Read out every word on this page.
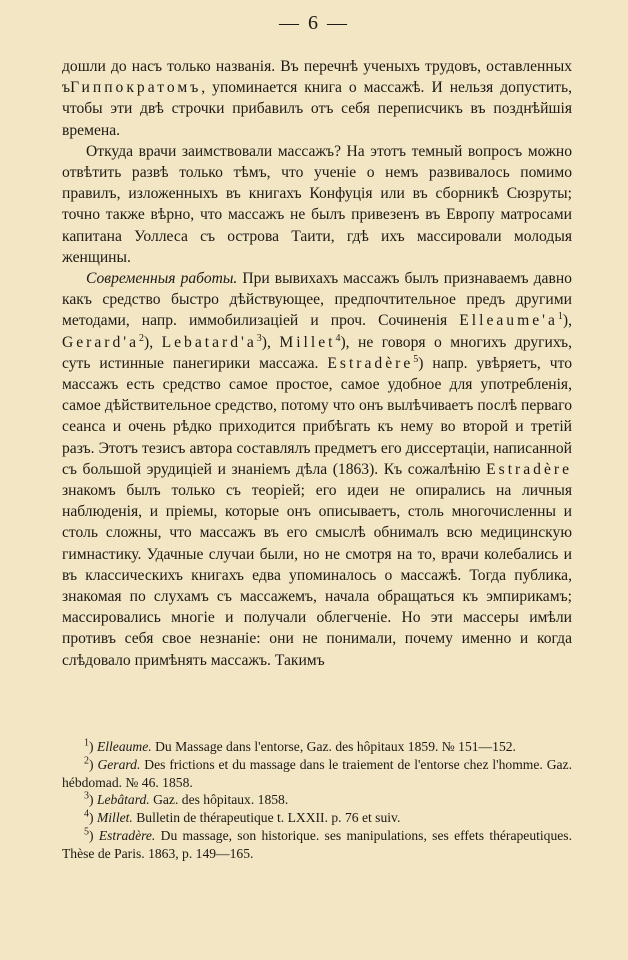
— 6 —

дошли до насъ только названія. Въ перечнѣ ученыхъ трудовъ, оставленных ъГиппократомъ, упоминается книга о массажѣ. И нельзя допустить, чтобы эти двѣ строчки прибавилъ отъ себя переписчикъ въ позднѣйшія времена.

Откуда врачи заимствовали массажъ? На этотъ темный вопросъ можно отвѣтить развѣ только тѣмъ, что ученіе о немъ развивалось помимо правилъ, изложенныхъ въ книгахъ Конфуція или въ сборникѣ Сюзруты; точно также вѣрно, что массажъ не былъ привезенъ въ Европу матросами капитана Уоллеса съ острова Таити, гдѣ ихъ массировали молодыя женщины.

Современныя работы. При вывихахъ массажъ былъ признаваемъ давно какъ средство быстро дѣйствующее, предпочтительное предъ другими методами, напр. иммобилизаціей и проч. Сочиненія $Elleaume'a^1$), $Gerard'a^2$), $Lebatard'a^3$), Millet$^4$), не говоря о многихъ другихъ, суть истинные панегирики массажа. Estradère$^5$) напр. увѣряетъ, что массажъ есть средство самое простое, самое удобное для употребленія, самое дѣйствительное средство, потому что онъ вылѣчиваетъ послѣ перваго сеанса и очень рѣдко приходится прибѣгать къ нему во второй и третій разъ. Этотъ тезисъ автора составлялъ предметъ его диссертаціи, написанной съ большой эрудиціей и знаніемъ дѣла (1863). Къ сожалѣнію Estradère знакомъ былъ только съ теоріей; его идеи не опирались на личныя наблюденія, и пріемы, которые онъ описываетъ, столь многочисленны и столь сложны, что массажъ въ его смыслѣ обнималъ всю медицинскую гимнастику. Удачные случаи были, но не смотря на то, врачи колебались и въ классическихъ книгахъ едва упоминалось о массажѣ. Тогда публика, знакомая по слухамъ съ массажемъ, начала обращаться къ эмпирикамъ; массировались многіе и получали облегченіе. Но эти массеры имѣли противъ себя свое незнаніе: они не понимали, почему именно и когда слѣдовало примѣнять массажъ. Такимъ

$^1$) Elleaume. Du Massage dans l'entorse, Gaz. des hôpitaux 1859. № 151—152.

$^2$) Gerard. Des frictions et du massage dans le traiement de l'entorse chez l'homme. Gaz. hébdomad. № 46. 1858.

$^3$) Lebâtard. Gaz. des hôpitaux. 1858.

$^4$) Millet. Bulletin de thérapeutique t. LXXII. p. 76 et suiv.

$^5$) Estradère. Du massage, son historique. ses manipulations, ses effets thérapeutiques. Thèse de Paris. 1863, p. 149—165.
